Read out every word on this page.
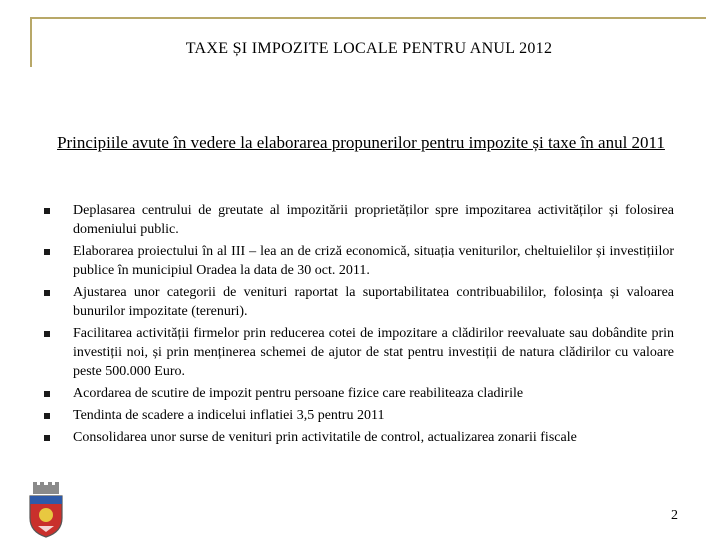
TAXE ȘI IMPOZITE LOCALE PENTRU ANUL 2012
Principiile avute în vedere la elaborarea propunerilor pentru impozite și taxe în anul 2011
Deplasarea centrului de greutate al impozitării proprietăților spre impozitarea activităților și folosirea domeniului public.
Elaborarea proiectului în al III – lea an de criză economică, situația veniturilor, cheltuielilor și investițiilor publice în municipiul Oradea la data de 30 oct. 2011.
Ajustarea unor categorii de venituri raportat la suportabilitatea contribuabililor, folosința și valoarea bunurilor impozitate (terenuri).
Facilitarea activității firmelor prin reducerea cotei de impozitare a clădirilor reevaluate sau dobândite prin investiții noi, și prin menținerea schemei de ajutor de stat pentru investiții de natura clădirilor cu valoare peste 500.000 Euro.
Acordarea de scutire de impozit pentru persoane fizice care reabiliteaza cladirile
Tendinta de scadere a indicelui inflatiei 3,5 pentru 2011
Consolidarea unor surse de venituri prin activitatile de control, actualizarea zonarii fiscale
2
